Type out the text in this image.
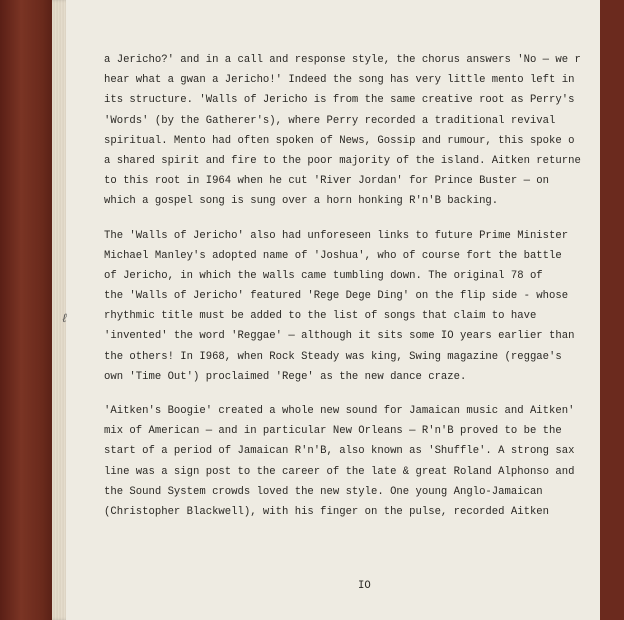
ℓ
a Jericho?' and in a call and response style, the chorus answers 'No — we r
hear what a gwan a Jericho!' Indeed the song has very little mento left in
its structure. 'Walls of Jericho is from the same creative root as Perry's
'Words' (by the Gatherer's), where Perry recorded a traditional revival
spiritual. Mento had often spoken of News, Gossip and rumour, this spoke o
a shared spirit and fire to the poor majority of the island. Aitken returne
to this root in I964 when he cut 'River Jordan' for Prince Buster — on
which a gospel song is sung over a horn honking R'n'B backing.
The 'Walls of Jericho' also had unforeseen links to future Prime Minister
Michael Manley's adopted name of 'Joshua', who of course fort the battle
of Jericho, in which the walls came tumbling down. The original 78 of
the 'Walls of Jericho' featured 'Rege Dege Ding' on the flip side - whose
rhythmic title must be added to the list of songs that claim to have
'invented' the word 'Reggae' — although it sits some IO years earlier than
the others! In I968, when Rock Steady was king, Swing magazine (reggae's
own 'Time Out') proclaimed 'Rege' as the new dance craze.
'Aitken's Boogie' created a whole new sound for Jamaican music and Aitken'
mix of American — and in particular New Orleans — R'n'B proved to be the
start of a period of Jamaican R'n'B, also known as 'Shuffle'. A strong sax
line was a sign post to the career of the late & great Roland Alphonso and
the Sound System crowds loved the new style. One young Anglo-Jamaican
(Christopher Blackwell), with his finger on the pulse, recorded Aitken
IO
